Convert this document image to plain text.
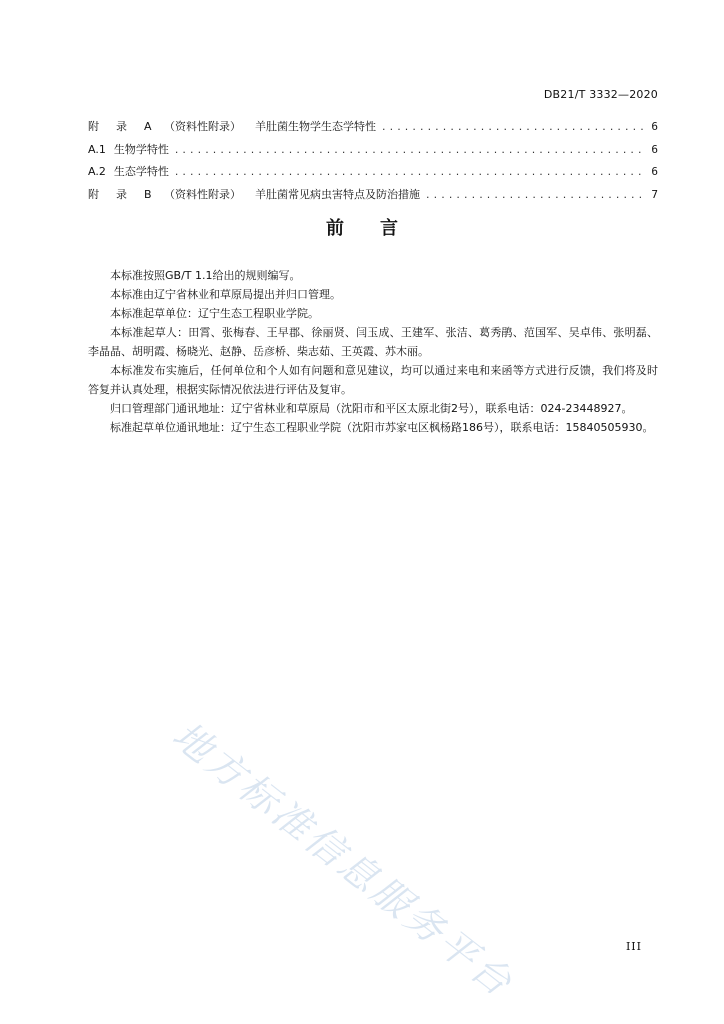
DB21/T 3332—2020
附　录　A （资料性附录）	羊肚菌生物学生态学特性 . . .	6
A.1 生物学特性 . . .	6
A.2 生态学特性 . . .	6
附　录　B （资料性附录）	羊肚菌常见病虫害特点及防治措施 . . .	7
前 言

本标准按照GB/T 1.1给出的规则编写。

本标准由辽宁省林业和草原局提出并归口管理。

本标准起草单位：辽宁生态工程职业学院。

本标准起草人：田霄、张梅春、王早郡、徐丽贤、闫玉成、王建军、张洁、葛秀鹃、范国军、吴卓伟、张明磊、李晶晶、胡明霞、杨晓光、赵静、岳彦桥、柴志茹、王英霞、苏木丽。

本标准发布实施后，任何单位和个人如有问题和意见建议，均可以通过来电和来函等方式进行反馈，我们将及时答复并认真处理，根据实际情况依法进行评估及复审。

归口管理部门通讯地址：辽宁省林业和草原局（沈阳市和平区太原北街2号），联系电话：024-23448927。

标准起草单位通讯地址：辽宁生态工程职业学院（沈阳市苏家屯区枫杨路186号），联系电话：15840505930。

地方标准信息服务平台	III
